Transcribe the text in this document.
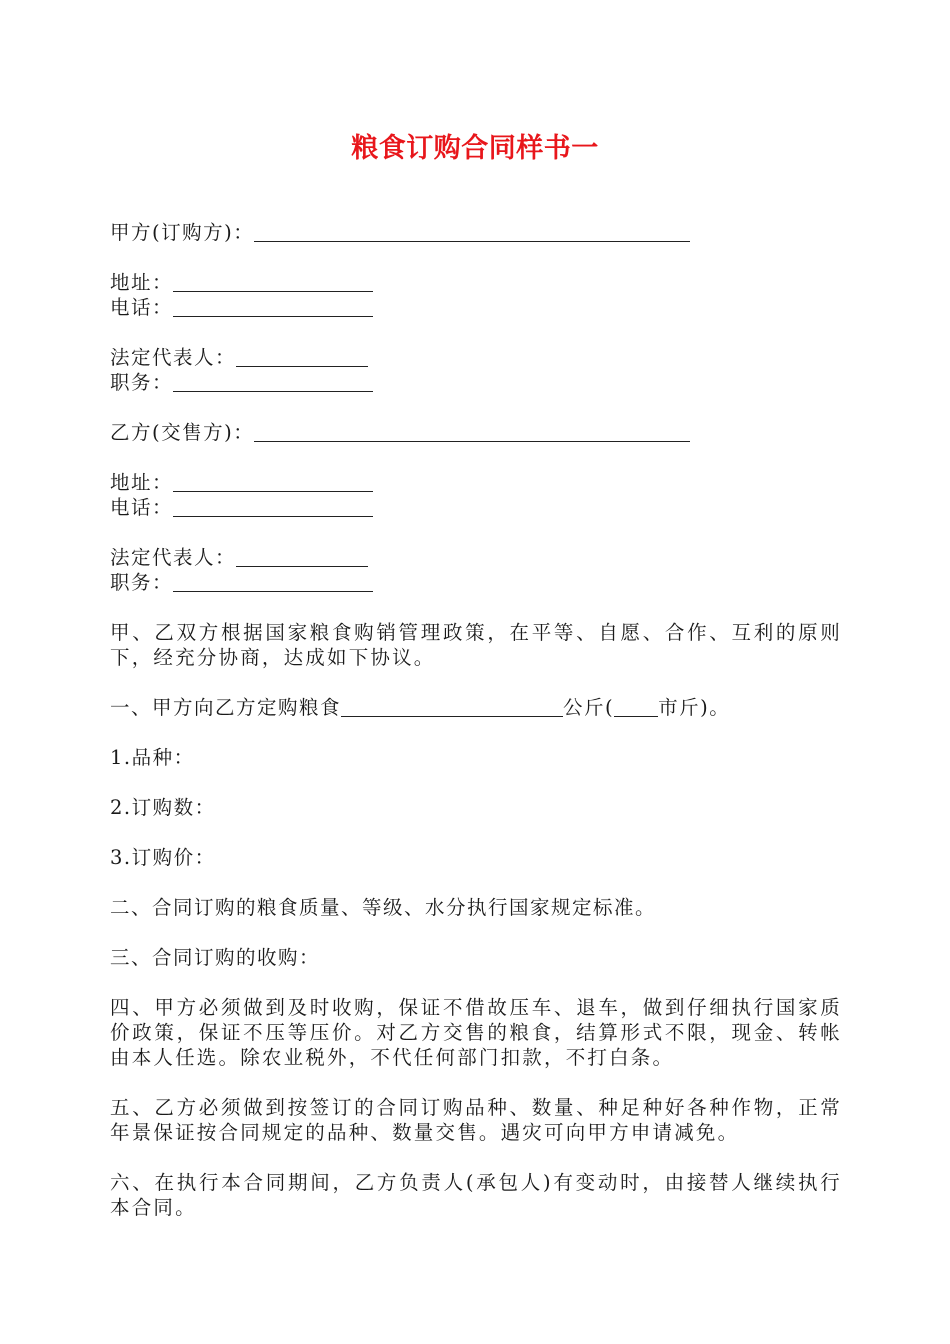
粮食订购合同样书一
甲方(订购方)：
地址：
电话：
法定代表人：
职务：
乙方(交售方)：
地址：
电话：
法定代表人：
职务：
甲、乙双方根据国家粮食购销管理政策，在平等、自愿、合作、互利的原则下，经充分协商，达成如下协议。
一、甲方向乙方定购粮食	公斤( 市斤)。
1.品种：
2.订购数：
3.订购价：
二、合同订购的粮食质量、等级、水分执行国家规定标准。
三、合同订购的收购：
四、甲方必须做到及时收购，保证不借故压车、退车，做到仔细执行国家质价政策，保证不压等压价。对乙方交售的粮食，结算形式不限，现金、转帐由本人任选。除农业税外，不代任何部门扣款，不打白条。
五、乙方必须做到按签订的合同订购品种、数量、种足种好各种作物，正常年景保证按合同规定的品种、数量交售。遇灾可向甲方申请减免。
六、在执行本合同期间，乙方负责人(承包人)有变动时，由接替人继续执行本合同。
